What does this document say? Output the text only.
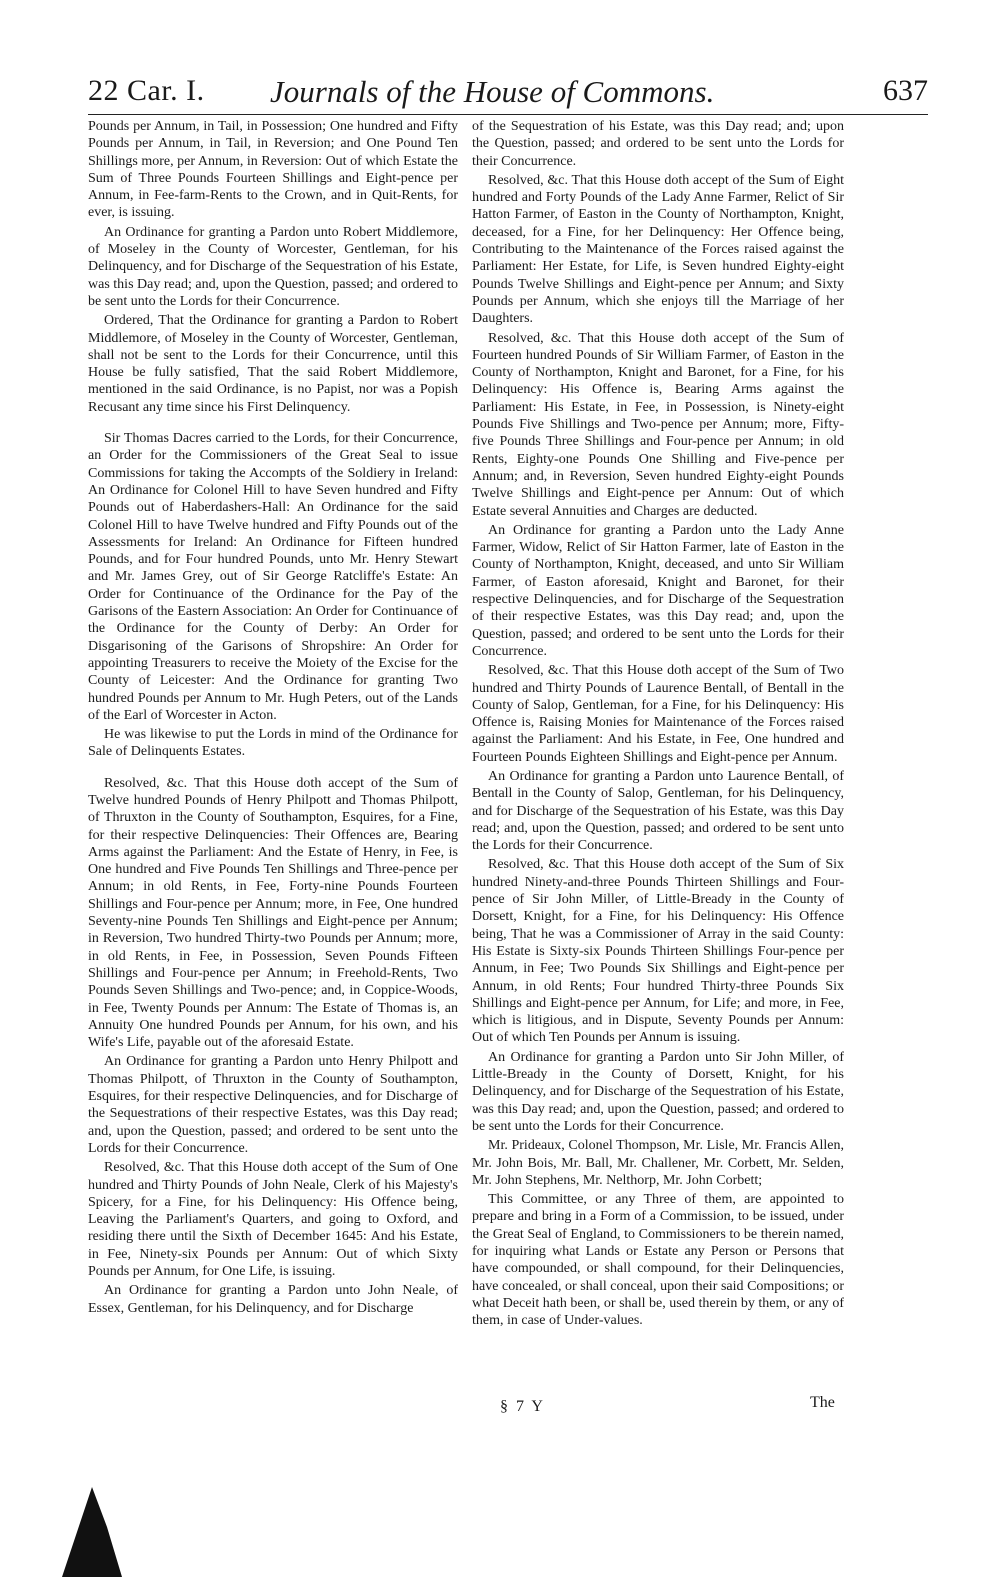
22 Car. I. Journals of the House of Commons.	637

Pounds per Annum, in Tail, in Possession; One hundred and Fifty Pounds per Annum, in Tail, in Reversion; and One Pound Ten Shillings more, per Annum, in Reversion: Out of which Estate the Sum of Three Pounds Fourteen Shillings and Eight-pence per Annum, in Fee-farm-Rents to the Crown, and in Quit-Rents, for ever, is issuing.

An Ordinance for granting a Pardon unto Robert Middlemore, of Moseley in the County of Worcester, Gentleman, for his Delinquency, and for Discharge of the Sequestration of his Estate, was this Day read; and, upon the Question, passed; and ordered to be sent unto the Lords for their Concurrence.

Ordered, That the Ordinance for granting a Pardon to Robert Middlemore, of Moseley in the County of Worcester, Gentleman, shall not be sent to the Lords for their Concurrence, until this House be fully satisfied, That the said Robert Middlemore, mentioned in the said Ordinance, is no Papist, nor was a Popish Recusant any time since his First Delinquency.

Sir Thomas Dacres carried to the Lords, for their Concurrence, an Order for the Commissioners of the Great Seal to issue Commissions for taking the Accompts of the Soldiery in Ireland: An Ordinance for Colonel Hill to have Seven hundred and Fifty Pounds out of Haberdashers-Hall: An Ordinance for the said Colonel Hill to have Twelve hundred and Fifty Pounds out of the Assessments for Ireland: An Ordinance for Fifteen hundred Pounds, and for Four hundred Pounds, unto Mr. Henry Stewart and Mr. James Grey, out of Sir George Ratcliffe's Estate: An Order for Continuance of the Ordinance for the Pay of the Garisons of the Eastern Association: An Order for Continuance of the Ordinance for the County of Derby: An Order for Disgarisoning of the Garisons of Shropshire: An Order for appointing Treasurers to receive the Moiety of the Excise for the County of Leicester: And the Ordinance for granting Two hundred Pounds per Annum to Mr. Hugh Peters, out of the Lands of the Earl of Worcester in Acton.

He was likewise to put the Lords in mind of the Ordinance for Sale of Delinquents Estates.

Resolved, &c. That this House doth accept of the Sum of Twelve hundred Pounds of Henry Philpott and Thomas Philpott, of Thruxton in the County of Southampton, Esquires, for a Fine, for their respective Delinquencies: Their Offences are, Bearing Arms against the Parliament: And the Estate of Henry, in Fee, is One hundred and Five Pounds Ten Shillings and Three-pence per Annum; in old Rents, in Fee, Forty-nine Pounds Fourteen Shillings and Four-pence per Annum; more, in Fee, One hundred Seventy-nine Pounds Ten Shillings and Eight-pence per Annum; in Reversion, Two hundred Thirty-two Pounds per Annum; more, in old Rents, in Fee, in Possession, Seven Pounds Fifteen Shillings and Four-pence per Annum; in Freehold-Rents, Two Pounds Seven Shillings and Two-pence; and, in Coppice-Woods, in Fee, Twenty Pounds per Annum: The Estate of Thomas is, an Annuity One hundred Pounds per Annum, for his own, and his Wife's Life, payable out of the aforesaid Estate.

An Ordinance for granting a Pardon unto Henry Philpott and Thomas Philpott, of Thruxton in the County of Southampton, Esquires, for their respective Delinquencies, and for Discharge of the Sequestrations of their respective Estates, was this Day read; and, upon the Question, passed; and ordered to be sent unto the Lords for their Concurrence.

Resolved, &c. That this House doth accept of the Sum of One hundred and Thirty Pounds of John Neale, Clerk of his Majesty's Spicery, for a Fine, for his Delinquency: His Offence being, Leaving the Parliament's Quarters, and going to Oxford, and residing there until the Sixth of December 1645: And his Estate, in Fee, Ninety-six Pounds per Annum: Out of which Sixty Pounds per Annum, for One Life, is issuing.

An Ordinance for granting a Pardon unto John Neale, of Essex, Gentleman, for his Delinquency, and for Discharge

of the Sequestration of his Estate, was this Day read; and; upon the Question, passed; and ordered to be sent unto the Lords for their Concurrence.

Resolved, &c. That this House doth accept of the Sum of Eight hundred and Forty Pounds of the Lady Anne Farmer, Relict of Sir Hatton Farmer, of Easton in the County of Northampton, Knight, deceased, for a Fine, for her Delinquency: Her Offence being, Contributing to the Maintenance of the Forces raised against the Parliament: Her Estate, for Life, is Seven hundred Eighty-eight Pounds Twelve Shillings and Eight-pence per Annum; and Sixty Pounds per Annum, which she enjoys till the Marriage of her Daughters.

Resolved, &c. That this House doth accept of the Sum of Fourteen hundred Pounds of Sir William Farmer, of Easton in the County of Northampton, Knight and Baronet, for a Fine, for his Delinquency: His Offence is, Bearing Arms against the Parliament: His Estate, in Fee, in Possession, is Ninety-eight Pounds Five Shillings and Two-pence per Annum; more, Fifty-five Pounds Three Shillings and Four-pence per Annum; in old Rents, Eighty-one Pounds One Shilling and Five-pence per Annum; and, in Reversion, Seven hundred Eighty-eight Pounds Twelve Shillings and Eight-pence per Annum: Out of which Estate several Annuities and Charges are deducted.

An Ordinance for granting a Pardon unto the Lady Anne Farmer, Widow, Relict of Sir Hatton Farmer, late of Easton in the County of Northampton, Knight, deceased, and unto Sir William Farmer, of Easton aforesaid, Knight and Baronet, for their respective Delinquencies, and for Discharge of the Sequestration of their respective Estates, was this Day read; and, upon the Question, passed; and ordered to be sent unto the Lords for their Concurrence.

Resolved, &c. That this House doth accept of the Sum of Two hundred and Thirty Pounds of Laurence Bentall, of Bentall in the County of Salop, Gentleman, for a Fine, for his Delinquency: His Offence is, Raising Monies for Maintenance of the Forces raised against the Parliament: And his Estate, in Fee, One hundred and Fourteen Pounds Eighteen Shillings and Eight-pence per Annum.

An Ordinance for granting a Pardon unto Laurence Bentall, of Bentall in the County of Salop, Gentleman, for his Delinquency, and for Discharge of the Sequestration of his Estate, was this Day read; and, upon the Question, passed; and ordered to be sent unto the Lords for their Concurrence.

Resolved, &c. That this House doth accept of the Sum of Six hundred Ninety-and-three Pounds Thirteen Shillings and Four-pence of Sir John Miller, of Little-Bready in the County of Dorsett, Knight, for a Fine, for his Delinquency: His Offence being, That he was a Commissioner of Array in the said County: His Estate is Sixty-six Pounds Thirteen Shillings Four-pence per Annum, in Fee; Two Pounds Six Shillings and Eight-pence per Annum, in old Rents; Four hundred Thirty-three Pounds Six Shillings and Eight-pence per Annum, for Life; and more, in Fee, which is litigious, and in Dispute, Seventy Pounds per Annum: Out of which Ten Pounds per Annum is issuing.

An Ordinance for granting a Pardon unto Sir John Miller, of Little-Bready in the County of Dorsett, Knight, for his Delinquency, and for Discharge of the Sequestration of his Estate, was this Day read; and, upon the Question, passed; and ordered to be sent unto the Lords for their Concurrence.

Mr. Prideaux, Colonel Thompson, Mr. Lisle, Mr. Francis Allen, Mr. John Bois, Mr. Ball, Mr. Challener, Mr. Corbett, Mr. Selden, Mr. John Stephens, Mr. Nelthorp, Mr. John Corbett;

This Committee, or any Three of them, are appointed to prepare and bring in a Form of a Commission, to be issued, under the Great Seal of England, to Commissioners to be therein named, for inquiring what Lands or Estate any Person or Persons that have compounded, or shall compound, for their Delinquencies, have concealed, or shall conceal, upon their said Compositions; or what Deceit hath been, or shall be, used therein by them, or any of them, in case of Under-values.

§ 7 Y	The
